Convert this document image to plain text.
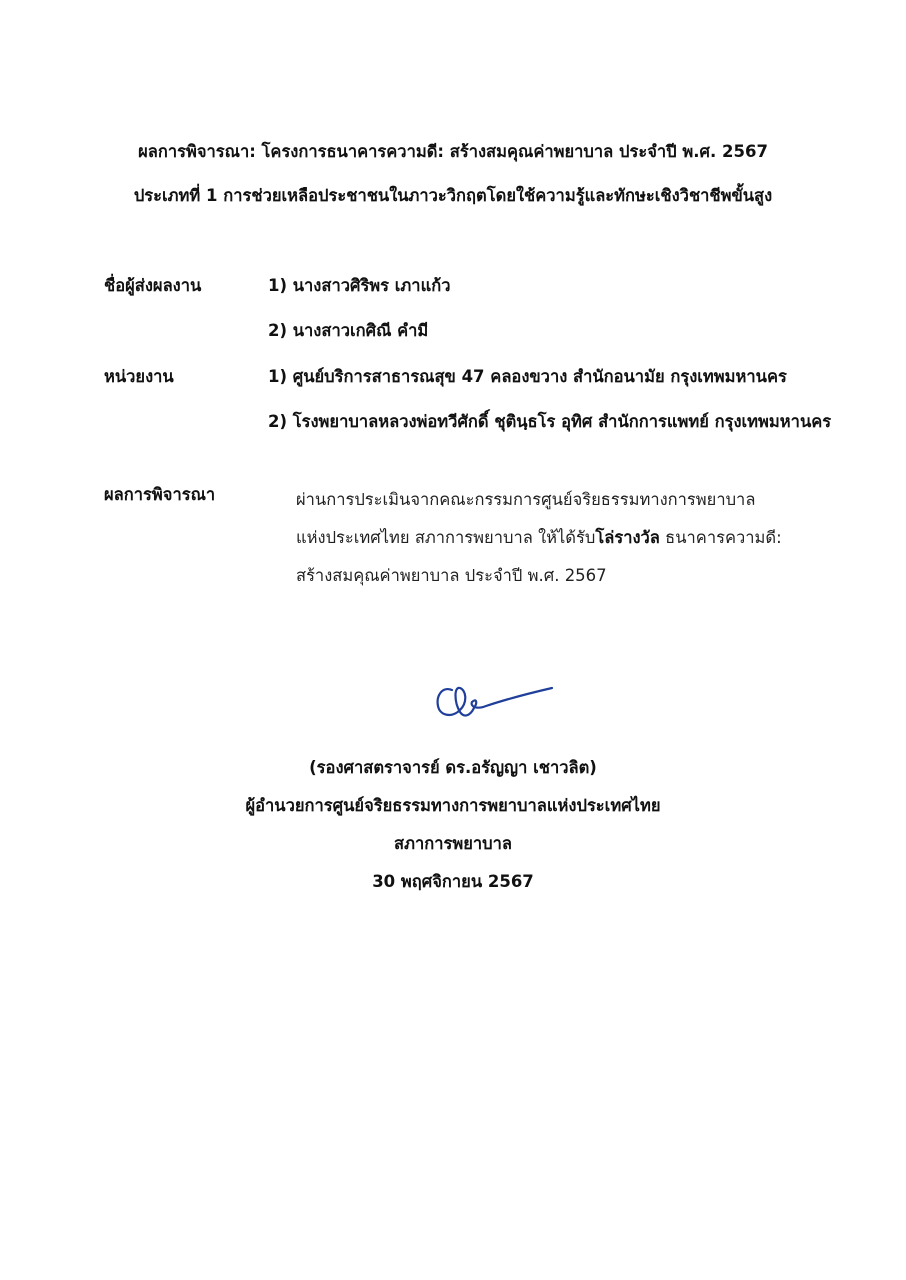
ผลการพิจารณา: โครงการธนาคารความดี: สร้างสมคุณค่าพยาบาล ประจำปี พ.ศ. 2567
ประเภทที่ 1 การช่วยเหลือประชาชนในภาวะวิกฤตโดยใช้ความรู้และทักษะเชิงวิชาชีพขั้นสูง
ชื่อผู้ส่งผลงาน	1) นางสาวศิริพร เภาแก้ว
2) นางสาวเกศิณี คำมี
หน่วยงาน	1) ศูนย์บริการสาธารณสุข 47 คลองขวาง สำนักอนามัย กรุงเทพมหานคร
2) โรงพยาบาลหลวงพ่อทวีศักดิ์ ชุตินฺธโร อุทิศ สำนักการแพทย์ กรุงเทพมหานคร
ผลการพิจารณา	ผ่านการประเมินจากคณะกรรมการศูนย์จริยธรรมทางการพยาบาล
แห่งประเทศไทย สภาการพยาบาล ให้ได้รับโล่รางวัล ธนาคารความดี:
สร้างสมคุณค่าพยาบาล ประจำปี พ.ศ. 2567
(รองศาสตราจารย์ ดร.อรัญญา เชาวลิต)
ผู้อำนวยการศูนย์จริยธรรมทางการพยาบาลแห่งประเทศไทย
สภาการพยาบาล
30 พฤศจิกายน 2567
